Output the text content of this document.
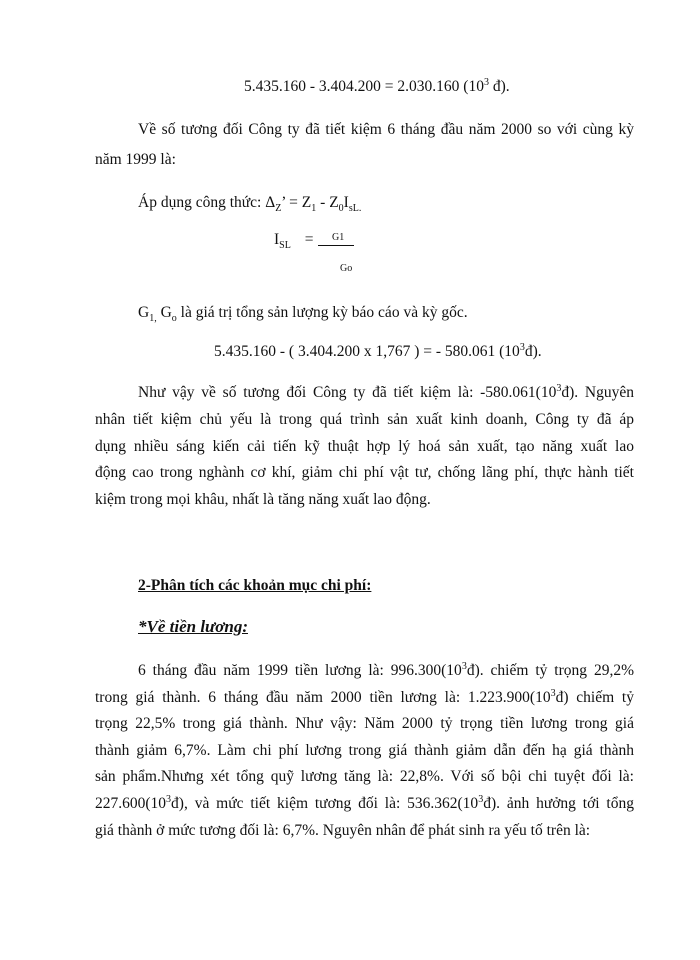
5.435.160 - 3.404.200 = 2.030.160 ($10^3$ đ).
Về số tương đối Công ty đã tiết kiệm 6 tháng đầu năm 2000 so với cùng kỳ
năm 1999 là:
Áp dụng công thức: $\Delta_Z$’ = $Z_1 - Z_0I_{sL.}$
$I_{SL} = G1$
Go
$G_{1,}$ $G_o$ là giá trị tổng sản lượng kỳ báo cáo và kỳ gốc.
5.435.160 - ( 3.404.200 x 1,767 ) = - 580.061 $(10^3đ)$.
Như vậy về số tương đối Công ty đã tiết kiệm là: $-580.061(10^3đ)$. Nguyên
nhân tiết kiệm chủ yếu là trong quá trình sản xuất kinh doanh, Công ty đã áp
dụng nhiều sáng kiến cải tiến kỹ thuật hợp lý hoá sản xuất, tạo năng xuất lao
động cao trong nghành cơ khí, giảm chi phí vật tư, chống lãng phí, thực hành tiết
kiệm trong mọi khâu, nhất là tăng năng xuất lao động.
2-Phân tích các khoản mục chi phí:
*Về tiền lương:
6 tháng đầu năm 1999 tiền lương là: $996.300(10^3đ)$. chiếm tỷ trọng 29,2%
trong giá thành. 6 tháng đầu năm 2000 tiền lương là: $1.223.900(10^3đ)$ chiếm tỷ
trọng 22,5% trong giá thành. Như vậy: Năm 2000 tỷ trọng tiền lương trong giá
thành giảm 6,7%. Làm chi phí lương trong giá thành giảm dẫn đến hạ giá thành
sản phẩm.Nhưng xét tổng quỹ lương tăng là: 22,8%. Với số bội chi tuyệt đối là:
$227.600(10^3đ)$, và mức tiết kiệm tương đối là: $536.362(10^3đ)$. ảnh hưởng tới tổng
giá thành ở mức tương đối là: 6,7%. Nguyên nhân để phát sinh ra yếu tố trên là:
